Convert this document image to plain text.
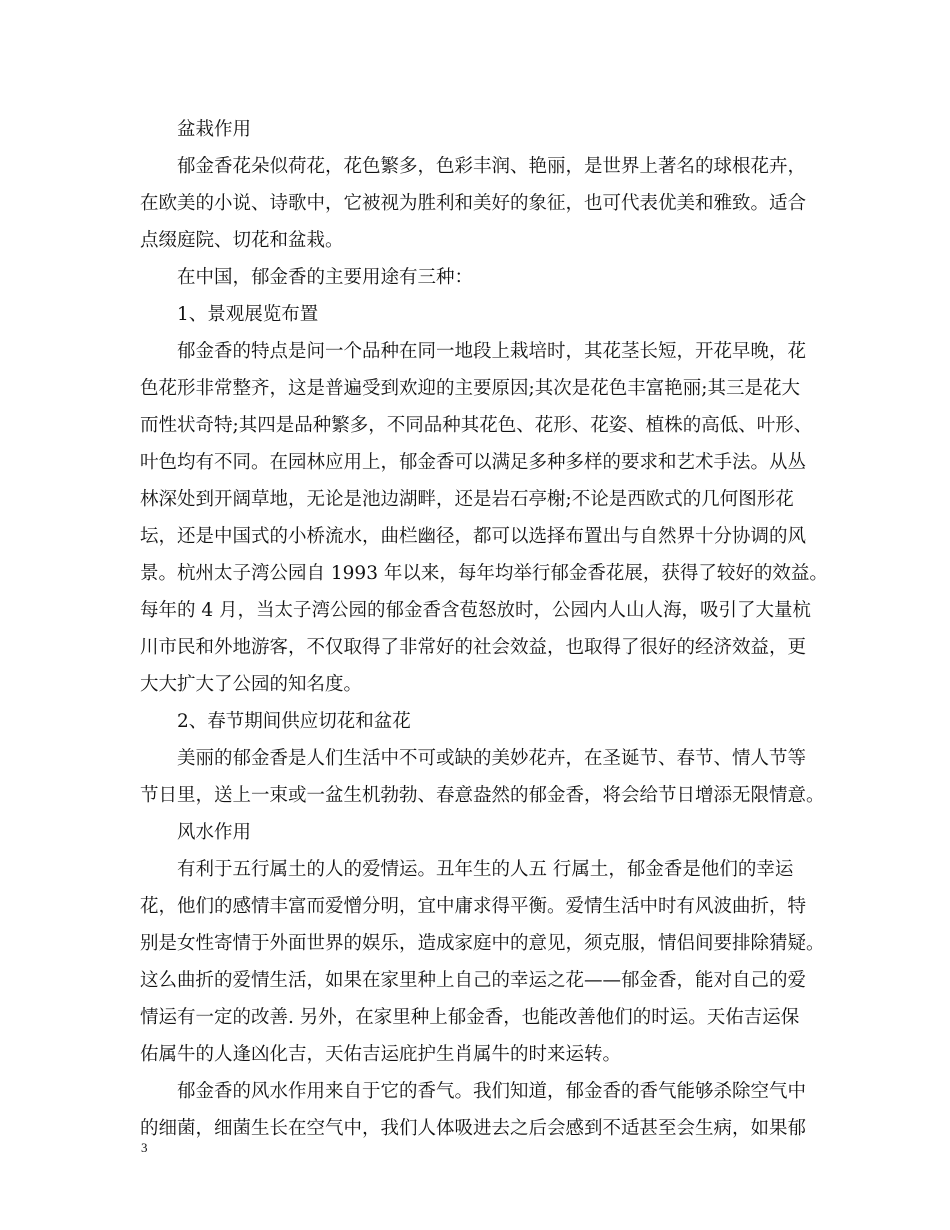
盆栽作用
郁金香花朵似荷花，花色繁多，色彩丰润、艳丽，是世界上著名的球根花卉，
在欧美的小说、诗歌中，它被视为胜利和美好的象征，也可代表优美和雅致。适合
点缀庭院、切花和盆栽。
在中国，郁金香的主要用途有三种：
1、景观展览布置
郁金香的特点是问一个品种在同一地段上栽培时，其花茎长短，开花早晚，花
色花形非常整齐，这是普遍受到欢迎的主要原因;其次是花色丰富艳丽;其三是花大
而性状奇特;其四是品种繁多，不同品种其花色、花形、花姿、植株的高低、叶形、
叶色均有不同。在园林应用上，郁金香可以满足多种多样的要求和艺术手法。从丛
林深处到开阔草地，无论是池边湖畔，还是岩石亭榭;不论是西欧式的几何图形花
坛，还是中国式的小桥流水，曲栏幽径，都可以选择布置出与自然界十分协调的风
景。杭州太子湾公园自 1993 年以来，每年均举行郁金香花展，获得了较好的效益。
每年的 4 月，当太子湾公园的郁金香含苞怒放时，公园内人山人海，吸引了大量杭
川市民和外地游客，不仅取得了非常好的社会效益，也取得了很好的经济效益，更
大大扩大了公园的知名度。
2、春节期间供应切花和盆花
美丽的郁金香是人们生活中不可或缺的美妙花卉，在圣诞节、春节、情人节等
节日里，送上一束或一盆生机勃勃、春意盎然的郁金香，将会给节日增添无限情意。
风水作用
有利于五行属土的人的爱情运。丑年生的人五 行属土，郁金香是他们的幸运
花，他们的感情丰富而爱憎分明，宜中庸求得平衡。爱情生活中时有风波曲折，特
别是女性寄情于外面世界的娱乐，造成家庭中的意见，须克服，情侣间要排除猜疑。
这么曲折的爱情生活，如果在家里种上自己的幸运之花——郁金香，能对自己的爱
情运有一定的改善. 另外，在家里种上郁金香，也能改善他们的时运。天佑吉运保
佑属牛的人逢凶化吉，天佑吉运庇护生肖属牛的时来运转。
郁金香的风水作用来自于它的香气。我们知道，郁金香的香气能够杀除空气中
的细菌，细菌生长在空气中，我们人体吸进去之后会感到不适甚至会生病，如果郁
3
